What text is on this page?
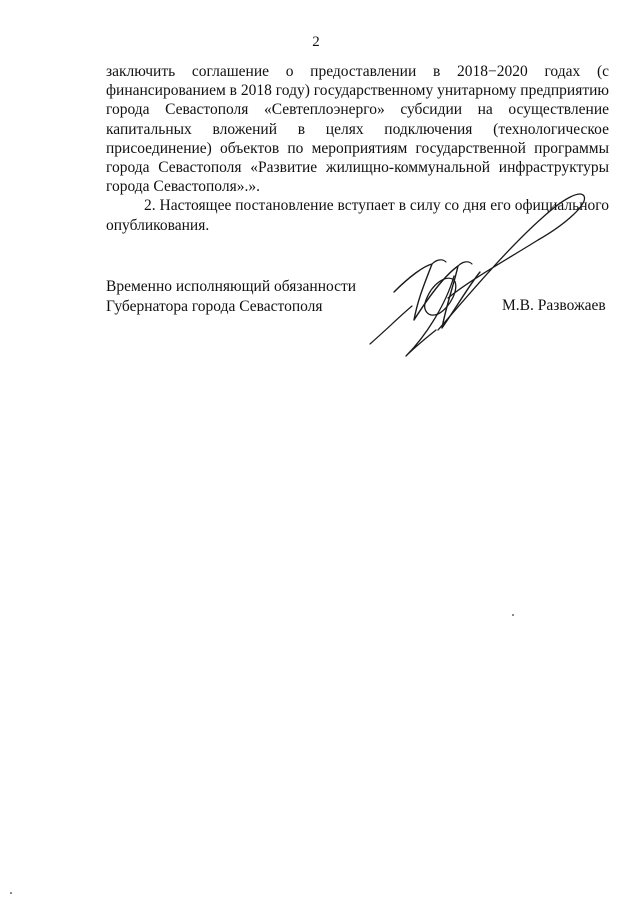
2

заключить соглашение о предоставлении в 2018−2020 годах (с финансированием в 2018 году) государственному унитарному предприятию города Севастополя «Севтеплоэнерго» субсидии на осуществление капитальных вложений в целях подключения (технологическое присоединение) объектов по мероприятиям государственной программы города Севастополя «Развитие жилищно-коммунальной инфраструктуры города Севастополя».».

2. Настоящее постановление вступает в силу со дня его официального опубликования.

Временно исполняющий обязанности
Губернатора города Севастополя	М.В. Развожаев
